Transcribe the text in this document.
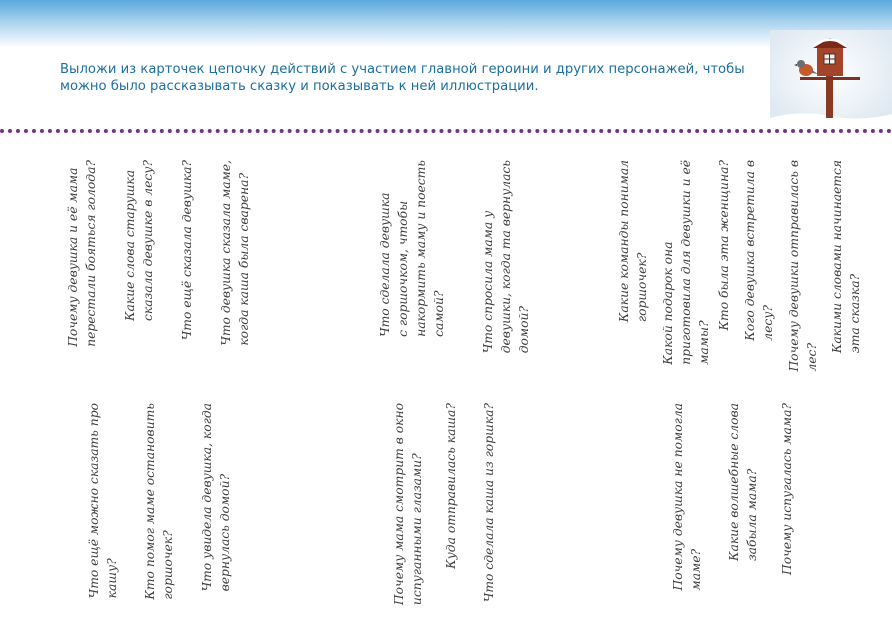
Выложи из карточек цепочку действий с участием главной героини и других персонажей, чтобы можно было рассказывать сказку и показывать к ней иллюстрации.

Какими словами начинается
эта сказка?
Почему девушки отправилась в
лес?
Кого девушка встретила в
лесу?
Кто была эта женщина?
Какой подарок она
приготовила для девушки и её
мамы?
Какие команды понимал
горшочек?
Что спросила мама у
девушки, когда та вернулась
домой?
Что сделала девушка
с горшочком, чтобы
накормить маму и поесть
самой?
Что девушка сказала маме,
когда каша была сварена?
Что ещё сказала девушка?
Какие слова старушка
сказала девушке в лесу?
Почему девушка и её мама
перестали бояться голода?
Почему испугалась мама?
Какие волшебные слова
забыла мама?
Почему девушка не помогла
маме?
Что сделала каша из горшка?
Куда отправилась каша?
Почему мама смотрит в окно
испуганными глазами?
Что увидела девушка, когда
вернулась домой?
Кто помог маме остановить
горшочек?
Что ещё можно сказать про
кашу?
